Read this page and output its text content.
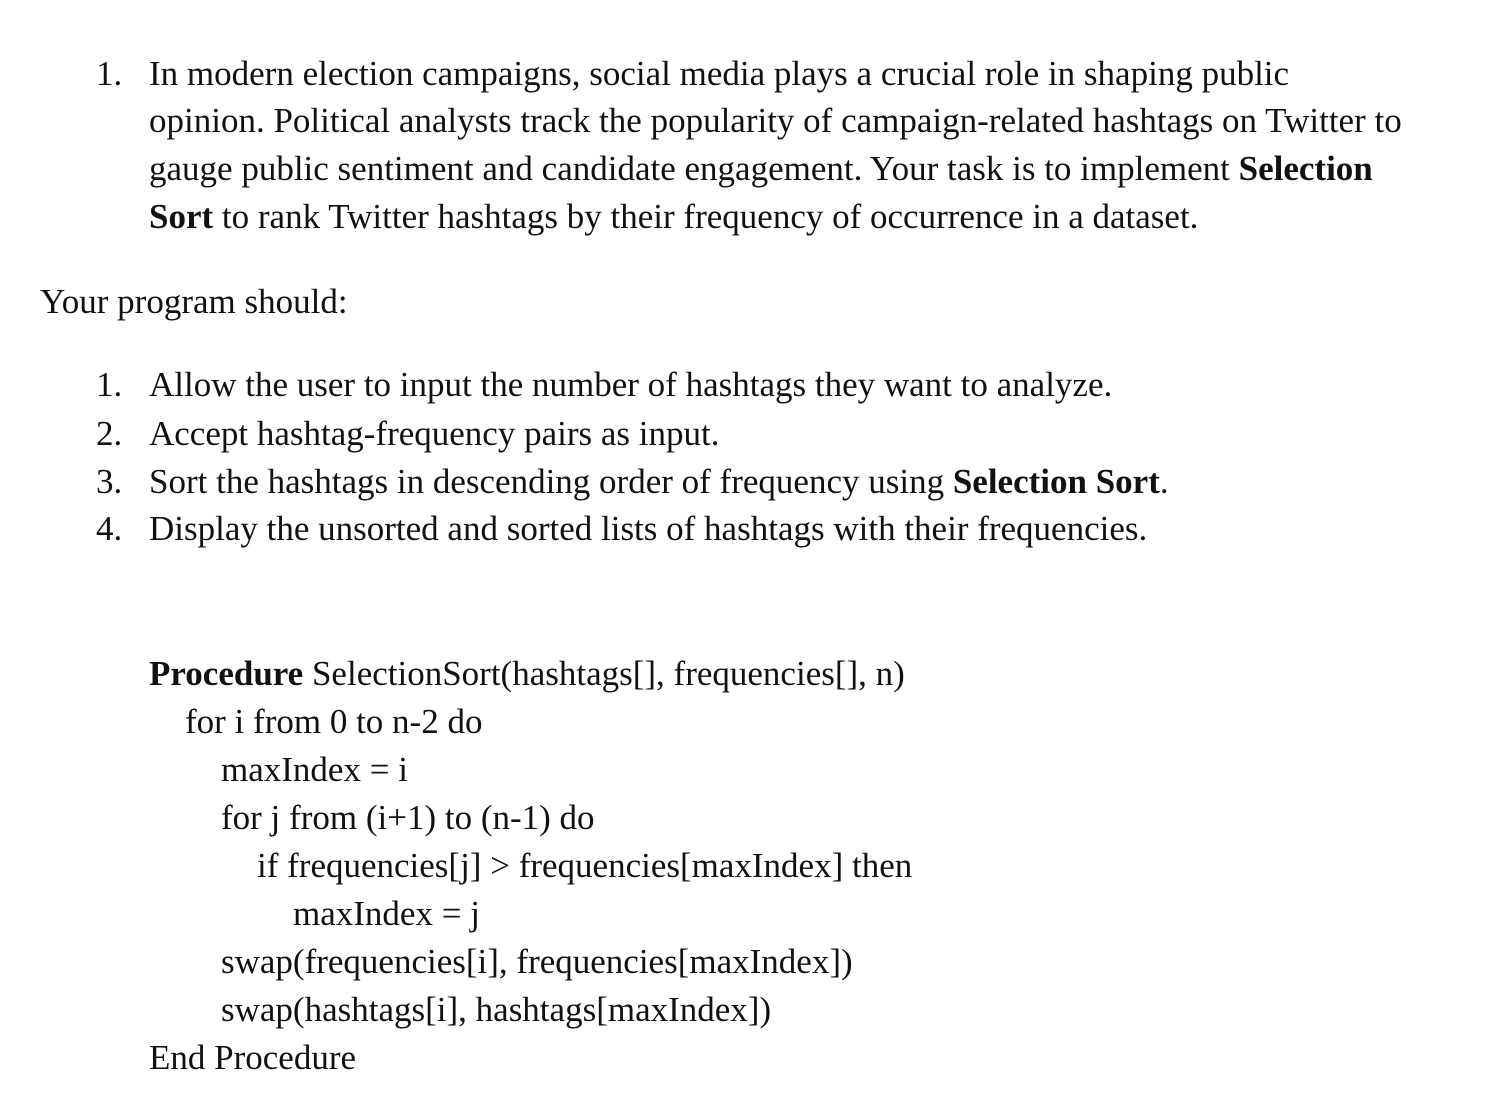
1. In modern election campaigns, social media plays a crucial role in shaping public
opinion. Political analysts track the popularity of campaign-related hashtags on Twitter to
gauge public sentiment and candidate engagement. Your task is to implement Selection
Sort to rank Twitter hashtags by their frequency of occurrence in a dataset.
Your program should:
1. Allow the user to input the number of hashtags they want to analyze.
2. Accept hashtag-frequency pairs as input.
3. Sort the hashtags in descending order of frequency using Selection Sort.
4. Display the unsorted and sorted lists of hashtags with their frequencies.
Procedure SelectionSort(hashtags[], frequencies[], n)
for i from 0 to n-2 do
maxIndex = i
for j from (i+1) to (n-1) do
if frequencies[j] > frequencies[maxIndex] then
maxIndex = j
swap(frequencies[i], frequencies[maxIndex])
swap(hashtags[i], hashtags[maxIndex])
End Procedure
